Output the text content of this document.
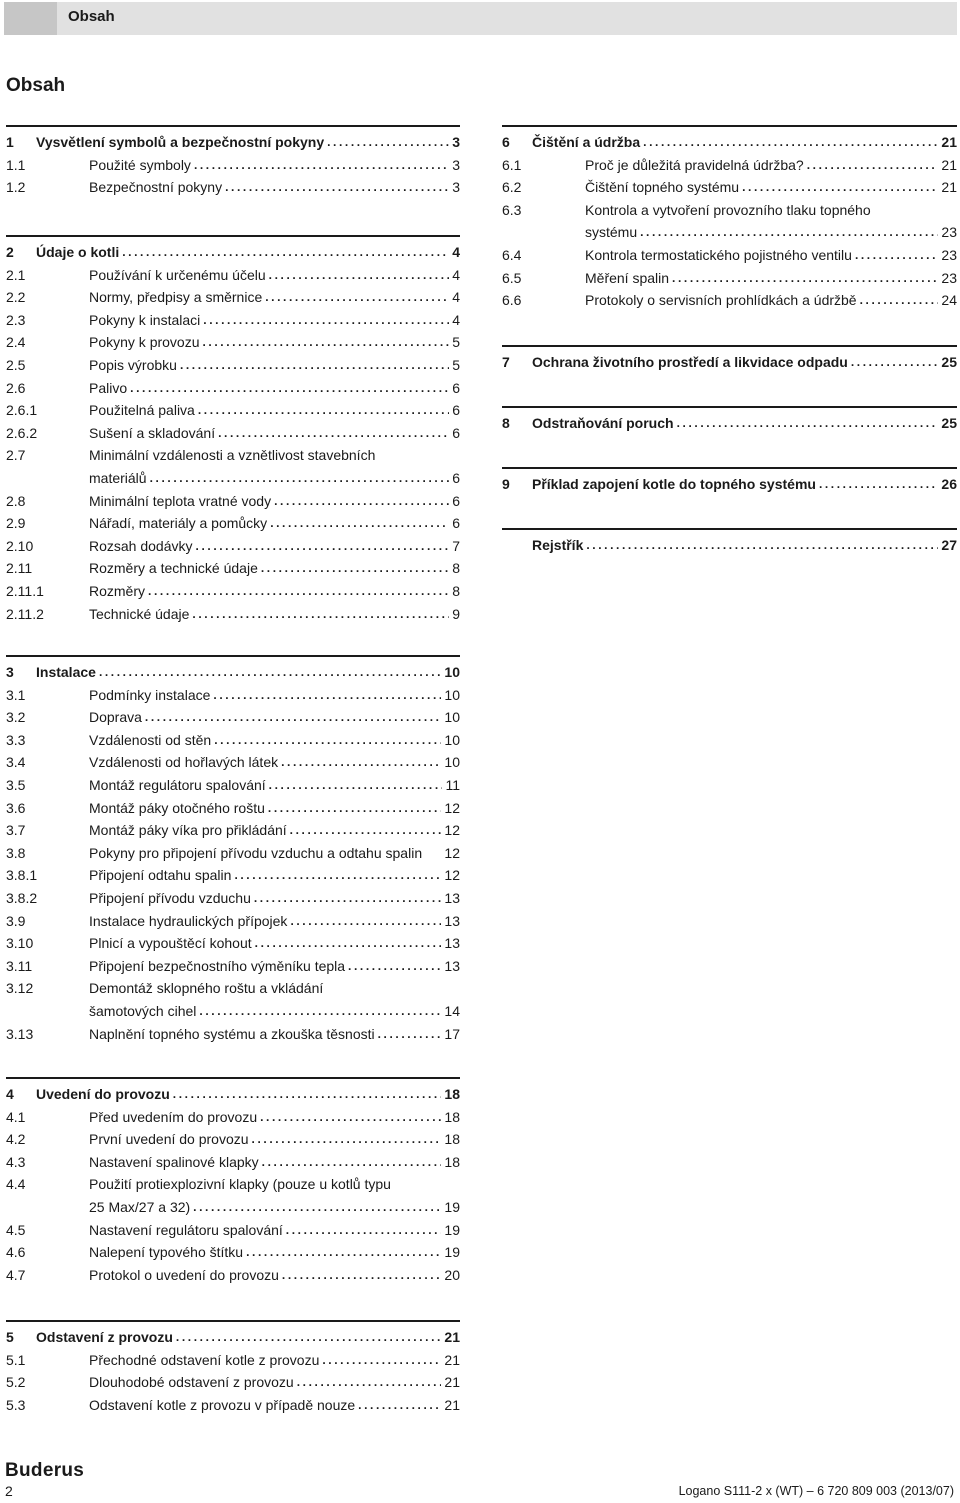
Obsah
Obsah
1 Vysvětlení symbolů a bezpečnostní pokyny .....	3
1.1	Použité symboly .....	3
1.2	Bezpečnostní pokyny .....	3
2 Údaje o kotli .....	4
2.1	Používání k určenému účelu .....	4
2.2	Normy, předpisy a směrnice .....	4
2.3	Pokyny k instalaci .....	4
2.4	Pokyny k provozu .....	5
2.5	Popis výrobku .....	5
2.6	Palivo .....	6
2.6.1	Použitelná paliva .....	6
2.6.2	Sušení a skladování .....	6
2.7	Minimální vzdálenosti a vznětlivost stavebních
materiálů .....	6
2.8	Minimální teplota vratné vody .....	6
2.9	Nářadí, materiály a pomůcky .....	6
2.10	Rozsah dodávky .....	7
2.11	Rozměry a technické údaje .....	8
2.11.1	Rozměry .....	8
2.11.2	Technické údaje .....	9
3 Instalace .....	10
3.1	Podmínky instalace .....	10
3.2	Doprava .....	10
3.3	Vzdálenosti od stěn .....	10
3.4	Vzdálenosti od hořlavých látek .....	10
3.5	Montáž regulátoru spalování .....	11
3.6	Montáž páky otočného roštu .....	12
3.7	Montáž páky víka pro přikládání .....	12
3.8	Pokyny pro připojení přívodu vzduchu a odtahu spalin 12
3.8.1	Připojení odtahu spalin .....	12
3.8.2	Připojení přívodu vzduchu .....	13
3.9	Instalace hydraulických přípojek .....	13
3.10	Plnicí a vypouštěcí kohout .....	13
3.11	Připojení bezpečnostního výměníku tepla .....	13
3.12	Demontáž sklopného roštu a vkládání
šamotových cihel .....	14
3.13	Naplnění topného systému a zkouška těsnosti .....	17
4 Uvedení do provozu .....	18
4.1	Před uvedením do provozu .....	18
4.2	První uvedení do provozu .....	18
4.3	Nastavení spalinové klapky .....	18
4.4	Použití protiexplozivní klapky (pouze u kotlů typu
25 Max/27 a 32) .....	19
4.5	Nastavení regulátoru spalování .....	19
4.6	Nalepení typového štítku .....	19
4.7	Protokol o uvedení do provozu .....	20
5 Odstavení z provozu .....	21
5.1	Přechodné odstavení kotle z provozu .....	21
5.2	Dlouhodobé odstavení z provozu .....	21
5.3	Odstavení kotle z provozu v případě nouze .....	21
6 Čištění a údržba .....	21
6.1	Proč je důležitá pravidelná údržba? .....	21
6.2	Čištění topného systému .....	21
6.3	Kontrola a vytvoření provozního tlaku topného
systému .....	23
6.4	Kontrola termostatického pojistného ventilu .....	23
6.5	Měření spalin .....	23
6.6	Protokoly o servisních prohlídkách a údržbě .....	24
7 Ochrana životního prostředí a likvidace odpadu .....	25
8 Odstraňování poruch .....	25
9 Příklad zapojení kotle do topného systému .....	26
Rejstřík .....	27
Buderus
2	Logano S111-2 x (WT) – 6 720 809 003 (2013/07)
